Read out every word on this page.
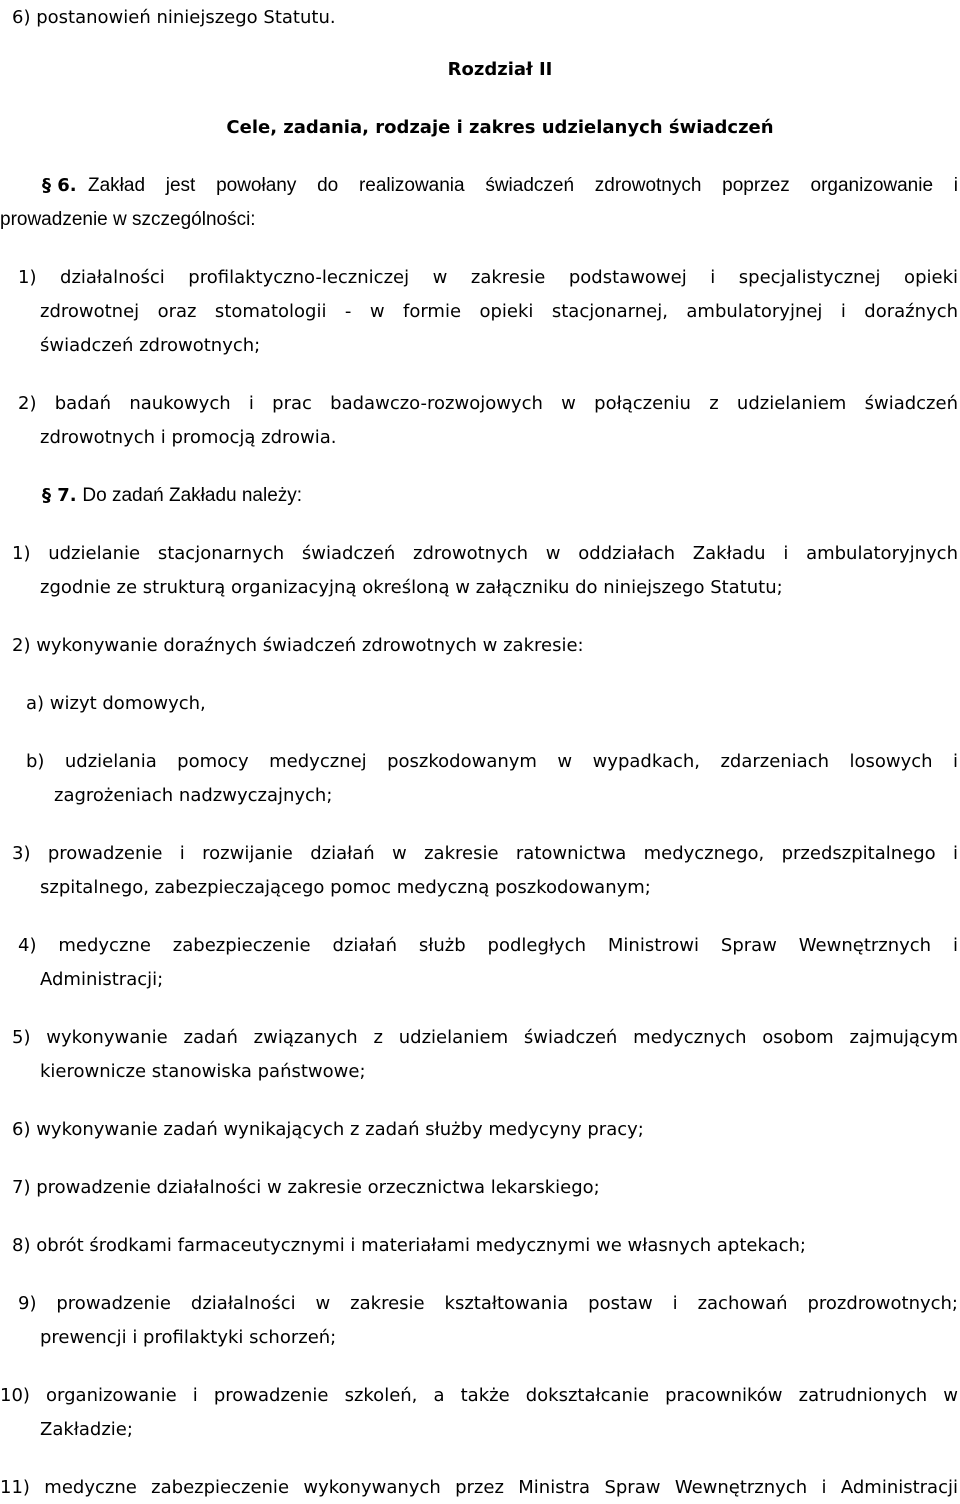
6) postanowień niniejszego Statutu.
Rozdział II
Cele, zadania, rodzaje i zakres udzielanych świadczeń
§ 6. Zakład jest powołany do realizowania świadczeń zdrowotnych poprzez organizowanie i
prowadzenie w szczególności:
1) działalności profilaktyczno-leczniczej w zakresie podstawowej i specjalistycznej opieki
zdrowotnej oraz stomatologii - w formie opieki stacjonarnej, ambulatoryjnej i doraźnych
świadczeń zdrowotnych;
2) badań naukowych i prac badawczo-rozwojowych w połączeniu z udzielaniem świadczeń
zdrowotnych i promocją zdrowia.
§ 7. Do zadań Zakładu należy:
1) udzielanie stacjonarnych świadczeń zdrowotnych w oddziałach Zakładu i ambulatoryjnych
zgodnie ze strukturą organizacyjną określoną w załączniku do niniejszego Statutu;
2) wykonywanie doraźnych świadczeń zdrowotnych w zakresie:
a) wizyt domowych,
b) udzielania pomocy medycznej poszkodowanym w wypadkach, zdarzeniach losowych i
zagrożeniach nadzwyczajnych;
3) prowadzenie i rozwijanie działań w zakresie ratownictwa medycznego, przedszpitalnego i
szpitalnego, zabezpieczającego pomoc medyczną poszkodowanym;
4) medyczne zabezpieczenie działań służb podległych Ministrowi Spraw Wewnętrznych i
Administracji;
5) wykonywanie zadań związanych z udzielaniem świadczeń medycznych osobom zajmującym
kierownicze stanowiska państwowe;
6) wykonywanie zadań wynikających z zadań służby medycyny pracy;
7) prowadzenie działalności w zakresie orzecznictwa lekarskiego;
8) obrót środkami farmaceutycznymi i materiałami medycznymi we własnych aptekach;
9) prowadzenie działalności w zakresie kształtowania postaw i zachowań prozdrowotnych;
prewencji i profilaktyki schorzeń;
10) organizowanie i prowadzenie szkoleń, a także dokształcanie pracowników zatrudnionych w
Zakładzie;
11) medyczne zabezpieczenie wykonywanych przez Ministra Spraw Wewnętrznych i Administracji
